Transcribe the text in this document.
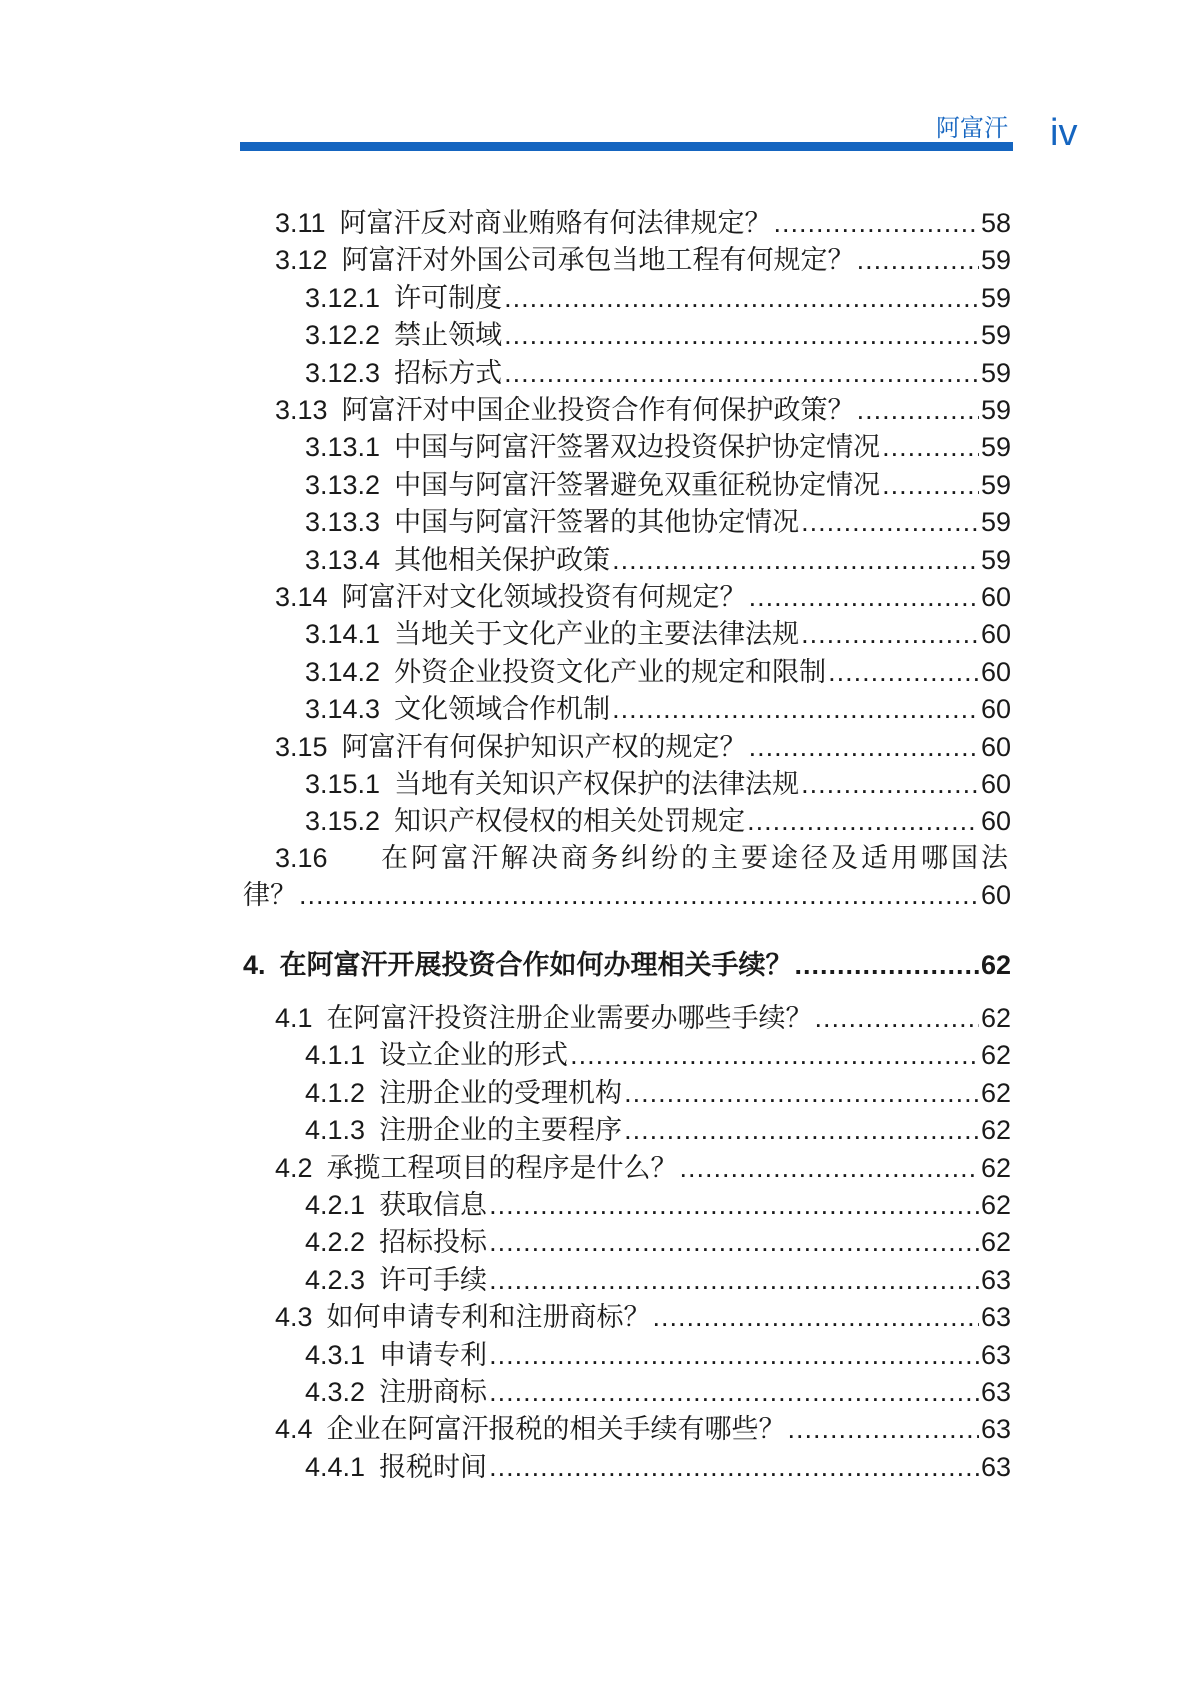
阿富汗 iv
3.11 阿富汗反对商业贿赂有何法律规定？ .....	58
3.12 阿富汗对外国公司承包当地工程有何规定？ .....	59
3.12.1 许可制度 .....	59
3.12.2 禁止领域 .....	59
3.12.3 招标方式 .....	59
3.13 阿富汗对中国企业投资合作有何保护政策？ .....	59
3.13.1 中国与阿富汗签署双边投资保护协定情况 .....	59
3.13.2 中国与阿富汗签署避免双重征税协定情况 .....	59
3.13.3 中国与阿富汗签署的其他协定情况 .....	59
3.13.4 其他相关保护政策 .....	59
3.14 阿富汗对文化领域投资有何规定？ .....	60
3.14.1 当地关于文化产业的主要法律法规 .....	60
3.14.2 外资企业投资文化产业的规定和限制 .....	60
3.14.3 文化领域合作机制 .....	60
3.15 阿富汗有何保护知识产权的规定？ .....	60
3.15.1 当地有关知识产权保护的法律法规 .....	60
3.15.2 知识产权侵权的相关处罚规定 .....	60
3.16 在阿富汗解决商务纠纷的主要途径及适用哪国法
律？ .....	60
4. 在阿富汗开展投资合作如何办理相关手续？ .....	62
4.1 在阿富汗投资注册企业需要办哪些手续？ .....	62
4.1.1 设立企业的形式 .....	62
4.1.2 注册企业的受理机构 .....	62
4.1.3 注册企业的主要程序 .....	62
4.2 承揽工程项目的程序是什么？ .....	62
4.2.1 获取信息 .....	62
4.2.2 招标投标 .....	62
4.2.3 许可手续 .....	63
4.3 如何申请专利和注册商标？ .....	63
4.3.1 申请专利 .....	63
4.3.2 注册商标 .....	63
4.4 企业在阿富汗报税的相关手续有哪些？ .....	63
4.4.1 报税时间 .....	63
